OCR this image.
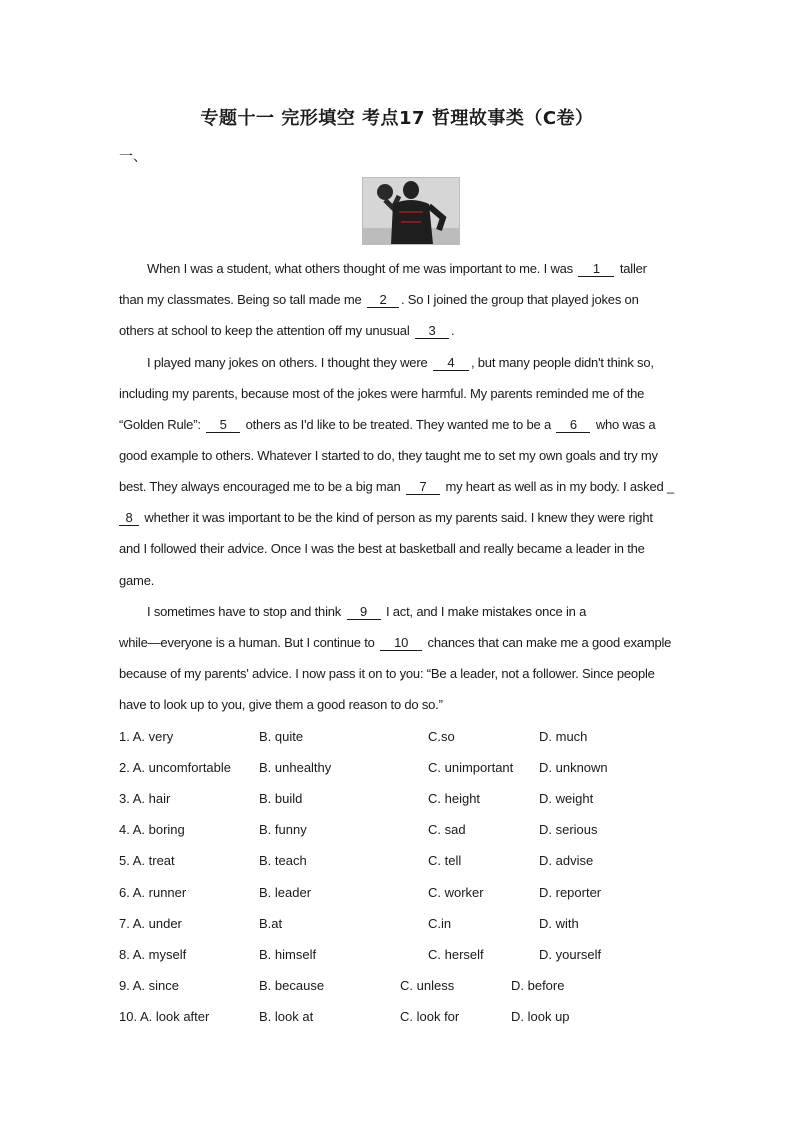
专题十一 完形填空 考点17 哲理故事类（C卷）
一、
When I was a student, what others thought of me was important to me. I was 1 taller
than my classmates. Being so tall made me 2 . So I joined the group that played jokes on
others at school to keep the attention off my unusual 3 .
I played many jokes on others. I thought they were 4 , but many people didn't think so,
including my parents, because most of the jokes were harmful. My parents reminded me of the
“Golden Rule”: 5 others as I'd like to be treated. They wanted me to be a 6 who was a
good example to others. Whatever I started to do, they taught me to set my own goals and try my
best. They always encouraged me to be a big man 7 my heart as well as in my body. I asked _
8 whether it was important to be the kind of person as my parents said. I knew they were right
and I followed their advice. Once I was the best at basketball and really became a leader in the
game.
I sometimes have to stop and think 9 I act, and I make mistakes once in a
while—everyone is a human. But I continue to 10 chances that can make me a good example
because of my parents' advice. I now pass it on to you: “Be a leader, not a follower. Since people
have to look up to you, give them a good reason to do so.”
1. A. very	B. quite	C.so	D. much
2. A. uncomfortable B. unhealthy	C. unimportant D. unknown
3. A. hair	B. build	C. height	D. weight
4. A. boring	B. funny	C. sad	D. serious
5. A. treat	B. teach	C. tell	D. advise
6. A. runner	B. leader	C. worker	D. reporter
7. A. under	B.at	C.in	D. with
8. A. myself	B. himself	C. herself	D. yourself
9. A. since	B. because	C. unless	D. before
10. A. look after	B. look at	C. look for	D. look up
